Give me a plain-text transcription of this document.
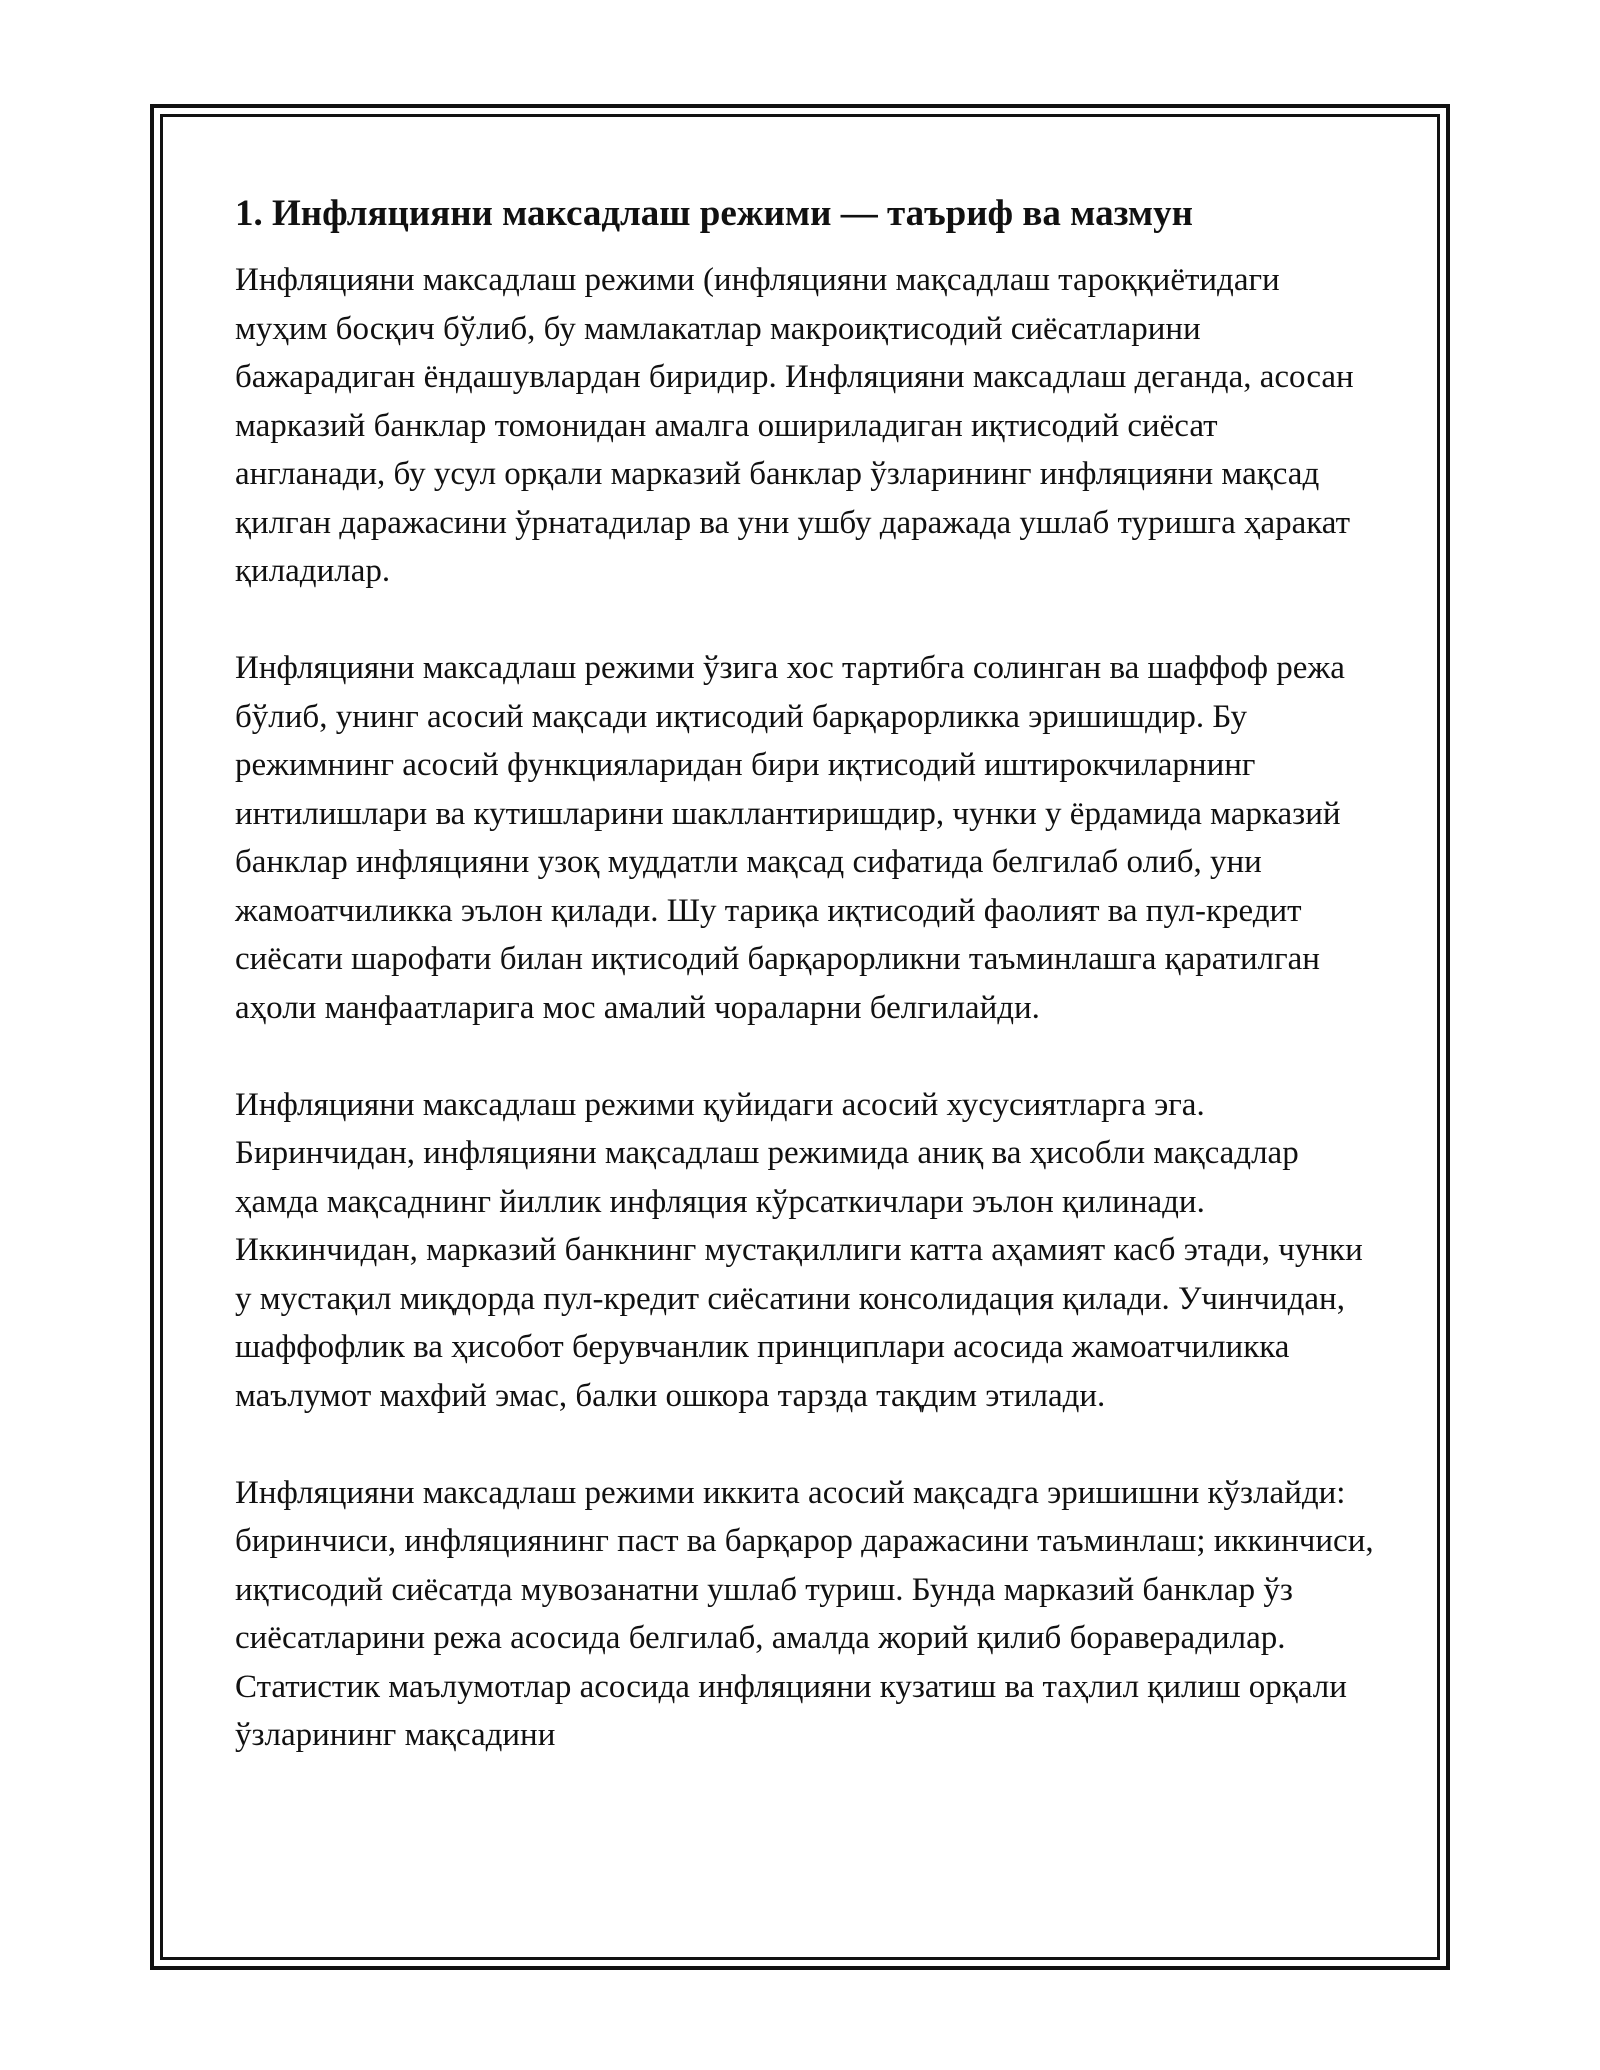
1. Инфляцияни максадлаш режими — таъриф ва мазмун

Инфляцияни максадлаш режими (инфляцияни мақсадлаш тароққиётидаги муҳим босқич бўлиб, бу мамлакатлар макроиқтисодий сиёсатларини бажарадиган ёндашувлардан биридир. Инфляцияни максадлаш деганда, асосан марказий банклар томонидан амалга ошириладиган иқтисодий сиёсат англанади, бу усул орқали марказий банклар ўзларининг инфляцияни мақсад қилган даражасини ўрнатадилар ва уни ушбу даражада ушлаб туришга ҳаракат қиладилар.

Инфляцияни максадлаш режими ўзига хос тартибга солинган ва шаффоф режа бўлиб, унинг асосий мақсади иқтисодий барқарорликка эришишдир. Бу режимнинг асосий функцияларидан бири иқтисодий иштирокчиларнинг интилишлари ва кутишларини шакллантиришдир, чунки у ёрдамида марказий банклар инфляцияни узоқ муддатли мақсад сифатида белгилаб олиб, уни жамоатчиликка эълон қилади. Шу тариқа иқтисодий фаолият ва пул-кредит сиёсати шарофати билан иқтисодий барқарорликни таъминлашга қаратилган аҳоли манфаатларига мос амалий чораларни белгилайди.

Инфляцияни максадлаш режими қуйидаги асосий хусусиятларга эга. Биринчидан, инфляцияни мақсадлаш режимида аниқ ва ҳисобли мақсадлар ҳамда мақсаднинг йиллик инфляция кўрсаткичлари эълон қилинади. Иккинчидан, марказий банкнинг мустақиллиги катта аҳамият касб этади, чунки у мустақил миқдорда пул-кредит сиёсатини консолидация қилади. Учинчидан, шаффофлик ва ҳисобот берувчанлик принциплари асосида жамоатчиликка маълумот махфий эмас, балки ошкора тарзда тақдим этилади.

Инфляцияни максадлаш режими иккита асосий мақсадга эришишни кўзлайди: биринчиси, инфляциянинг паст ва барқарор даражасини таъминлаш; иккинчиси, иқтисодий сиёсатда мувозанатни ушлаб туриш. Бунда марказий банклар ўз сиёсатларини режа асосида белгилаб, амалда жорий қилиб бораверадилар. Статистик маълумотлар асосида инфляцияни кузатиш ва таҳлил қилиш орқали ўзларининг мақсадини
